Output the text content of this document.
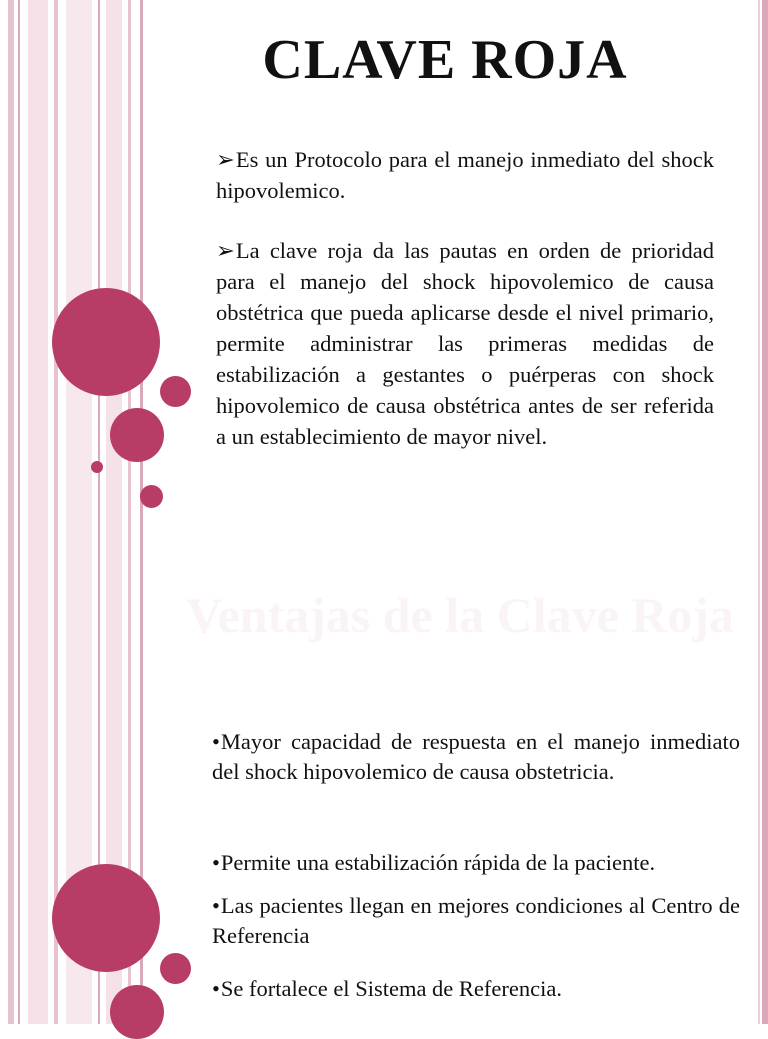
CLAVE ROJA
➢Es un Protocolo para el manejo inmediato del shock hipovolemico.
➢La clave roja da las pautas en orden de prioridad para el manejo del shock hipovolemico de causa obstétrica que pueda aplicarse desde el nivel primario, permite administrar las primeras medidas de estabilización a gestantes o puérperas con shock hipovolemico de causa obstétrica antes de ser referida a un establecimiento de mayor nivel.
Ventajas de la Clave Roja
•Mayor capacidad de respuesta en el manejo inmediato del shock hipovolemico de causa obstetricia.
•Permite una estabilización rápida de la paciente.
•Las pacientes llegan en mejores condiciones al Centro de Referencia
•Se fortalece el Sistema de Referencia.
